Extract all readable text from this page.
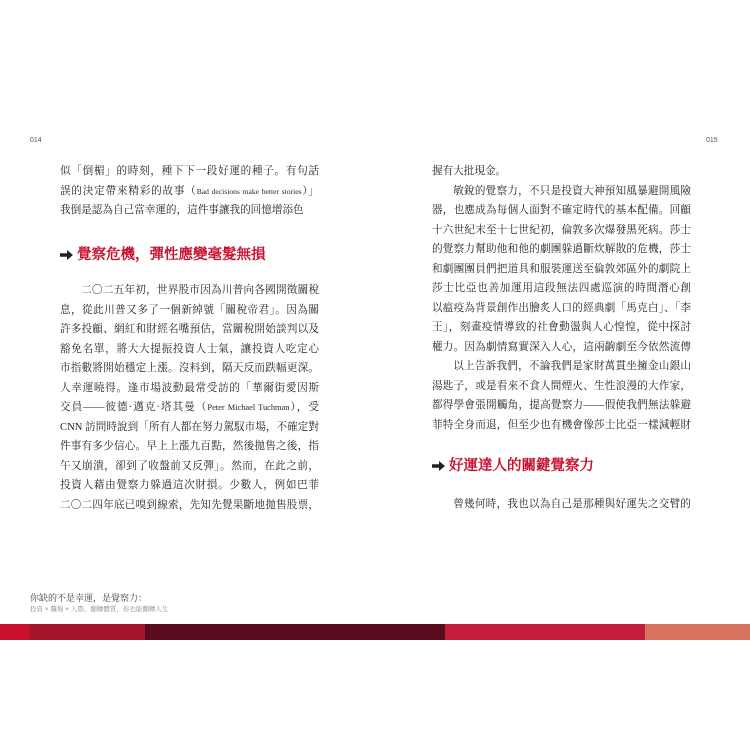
014	015
似「倒楣」的時刻，種下下一段好運的種子。有句話
誤的決定帶來精彩的故事（Bad decisions make better stories）」
我倒是認為自己當幸運的，這件事讓我的回憶增添色
覺察危機，彈性應變毫髮無損
二〇二五年初，世界股市因為川普向各國開徵關稅
息，從此川普又多了一個新綽號「關稅帝君」。因為關
許多投顧、網紅和財經名嘴預估，當關稅開始談判以及
豁免名單，將大大提振投資人士氣，讓投資人吃定心
市指數將開始穩定上漲。沒料到，隔天反而跌幅更深。
人幸運曉得。逢市場波動最常受訪的「華爾街愛因斯
交員——彼德·邁克·塔其曼（Peter Michael Tuchman），受
CNN 訪問時說到「所有人都在努力駕馭市場，不確定對
件事有多少信心。早上上漲九百點，然後拋售之後，指
午又崩潰，卻到了收盤前又反彈」。然而，在此之前，
投資人藉由覺察力躲過這次財損。少數人，例如巴菲
二〇二四年底已嗅到線索，先知先覺果斷地拋售股票，
握有大批現金。
敏銳的覺察力，不只是投資大神預知風暴避開風險
器，也應成為每個人面對不確定時代的基本配備。回顧
十六世紀末至十七世紀初，倫敦多次爆發黑死病。莎士
的覺察力幫助他和他的劇團躲過斷炊解散的危機，莎士
和劇團團員們把道具和服裝運送至倫敦郊區外的劇院上
莎士比亞也善加運用這段無法四處巡演的時間潛心創
以瘟疫為背景創作出膾炙人口的經典劇「馬克白」、「李
王」，刻畫疫情導致的社會動盪與人心惶惶，從中探討
權力。因為劇情寫實深入人心，這兩齣劇至今依然流傳
以上告訴我們，不論我們是家財萬貫坐擁金山銀山
湯匙子，或是看來不食人間煙火、生性浪漫的大作家，
都得學會張開觸角，提高覺察力——假使我們無法躲避
菲特全身而退，但至少也有機會像莎士比亞一樣減輕財
好運達人的關鍵覺察力
曾幾何時，我也以為自己是那種與好運失之交臂的
你缺的不是幸運，是覺察力：
投資 × 職場 × 人際，翻轉體質，你也能翻轉人生
